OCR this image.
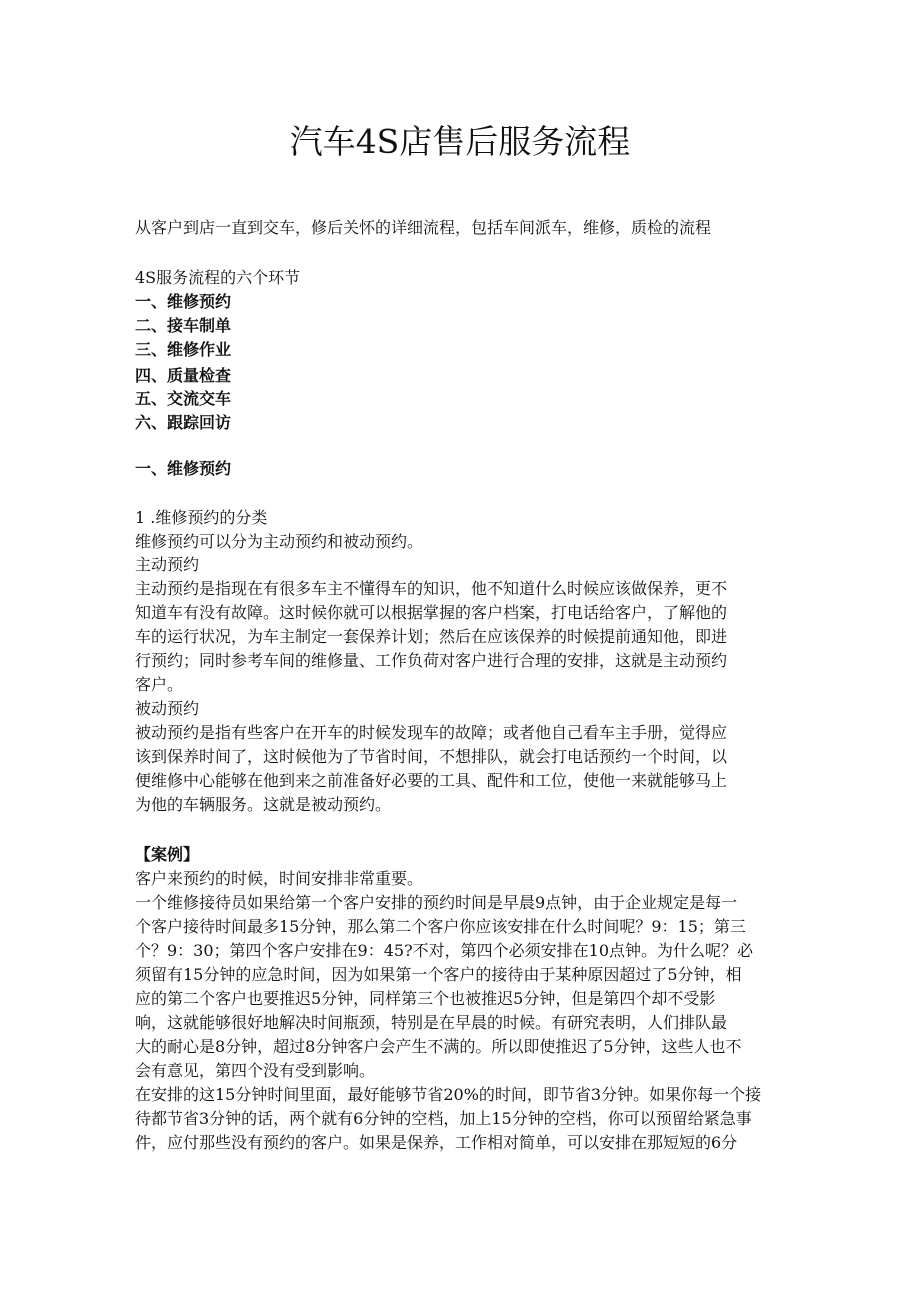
汽车4S店售后服务流程

从客户到店一直到交车，修后关怀的详细流程，包括车间派车，维修，质检的流程

4S服务流程的六个环节

一、维修预约

二、接车制单

三、维修作业

四、质量检查

五、交流交车

六、跟踪回访

一、维修预约

1 .维修预约的分类

维修预约可以分为主动预约和被动预约。

主动预约

主动预约是指现在有很多车主不懂得车的知识，他不知道什么时候应该做保养，更不

知道车有没有故障。这时候你就可以根据掌握的客户档案，打电话给客户，了解他的

车的运行状况，为车主制定一套保养计划；然后在应该保养的时候提前通知他，即进

行预约；同时参考车间的维修量、工作负荷对客户进行合理的安排，这就是主动预约

客户。

被动预约

被动预约是指有些客户在开车的时候发现车的故障；或者他自己看车主手册，觉得应

该到保养时间了，这时候他为了节省时间，不想排队，就会打电话预约一个时间，以

便维修中心能够在他到来之前准备好必要的工具、配件和工位，使他一来就能够马上

为他的车辆服务。这就是被动预约。

【案例】

客户来预约的时候，时间安排非常重要。

一个维修接待员如果给第一个客户安排的预约时间是早晨9点钟，由于企业规定是每一

个客户接待时间最多15分钟，那么第二个客户你应该安排在什么时间呢？9：15；第三

个？9：30；第四个客户安排在9：45?不对，第四个必须安排在10点钟。为什么呢？必

须留有15分钟的应急时间，因为如果第一个客户的接待由于某种原因超过了5分钟，相

应的第二个客户也要推迟5分钟，同样第三个也被推迟5分钟，但是第四个却不受影

响，这就能够很好地解决时间瓶颈，特别是在早晨的时候。有研究表明，人们排队最

大的耐心是8分钟，超过8分钟客户会产生不满的。所以即使推迟了5分钟，这些人也不

会有意见，第四个没有受到影响。

在安排的这15分钟时间里面，最好能够节省20%的时间，即节省3分钟。如果你每一个接

待都节省3分钟的话，两个就有6分钟的空档，加上15分钟的空档，你可以预留给紧急事

件，应付那些没有预约的客户。如果是保养，工作相对简单，可以安排在那短短的6分
